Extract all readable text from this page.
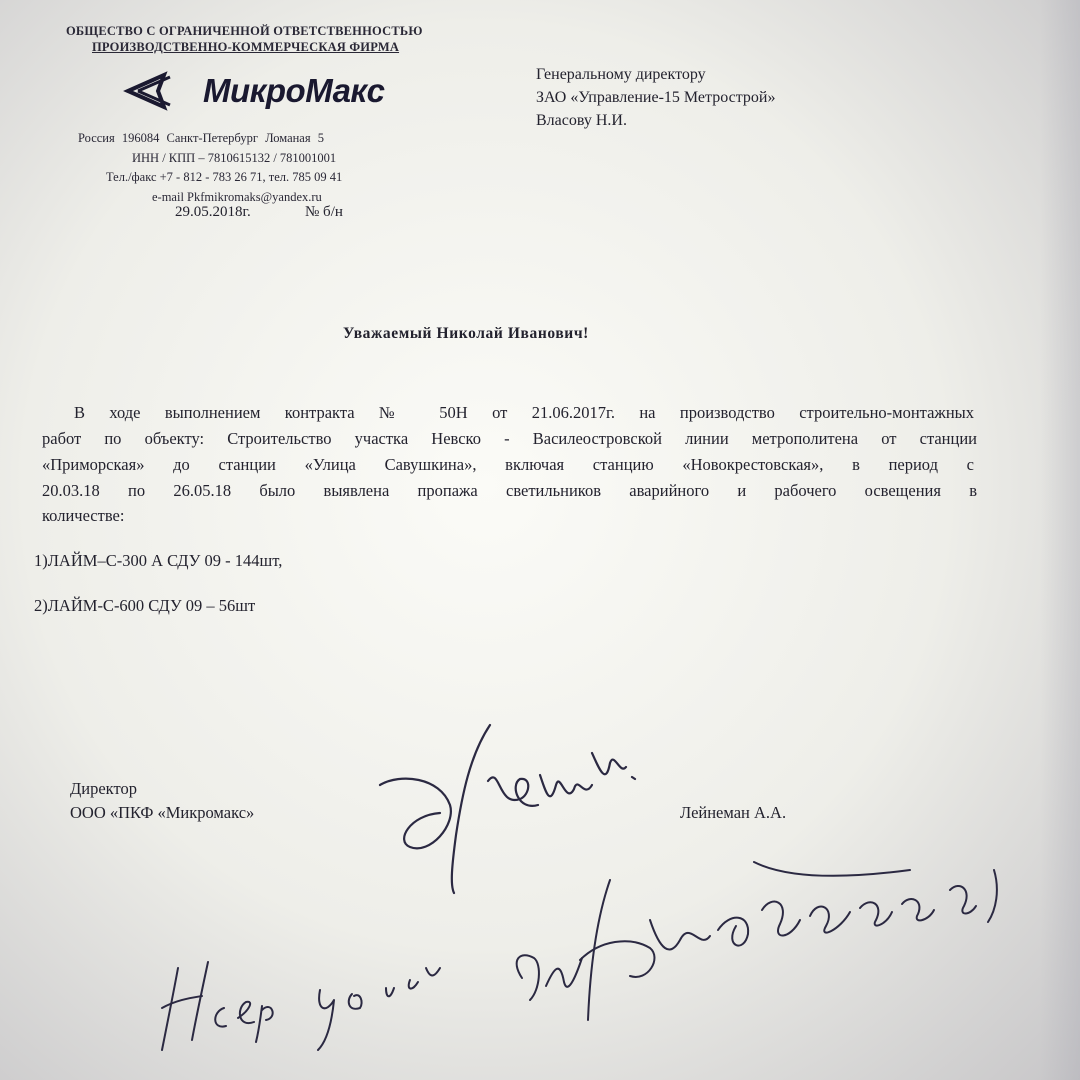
ОБЩЕСТВО С ОГРАНИЧЕННОЙ ОТВЕТСТВЕННОСТЬЮ
ПРОИЗВОДСТВЕННО-КОММЕРЧЕСКАЯ ФИРМА
МикроМакс
Россия 196084 Санкт-Петербург Ломаная 5
ИНН / КПП – 7810615132 / 781001001
Тел./факс +7 - 812 - 783 26 71, тел. 785 09 41
e-mail Pkfmikromaks@yandex.ru
29.05.2018г.	№ б/н
Генеральному директору
ЗАО «Управление-15 Метрострой»
Власову Н.И.
Уважаемый Николай Иванович!
В ходе выполнением контракта № 50Н от 21.06.2017г. на производство строительно-монтажных
работ по объекту: Строительство участка Невско - Василеостровской линии метрополитена от станции
«Приморская» до станции «Улица Савушкина», включая станцию «Новокрестовская», в период с
20.03.18 по 26.05.18 было выявлена пропажа светильников аварийного и рабочего освещения в
количестве:
1)ЛАЙМ–С-300 А СДУ 09 - 144шт,
2)ЛАЙМ-С-600 СДУ 09 – 56шт
Директор
ООО «ПКФ «Микромакс»	Лейнеман А.А.
